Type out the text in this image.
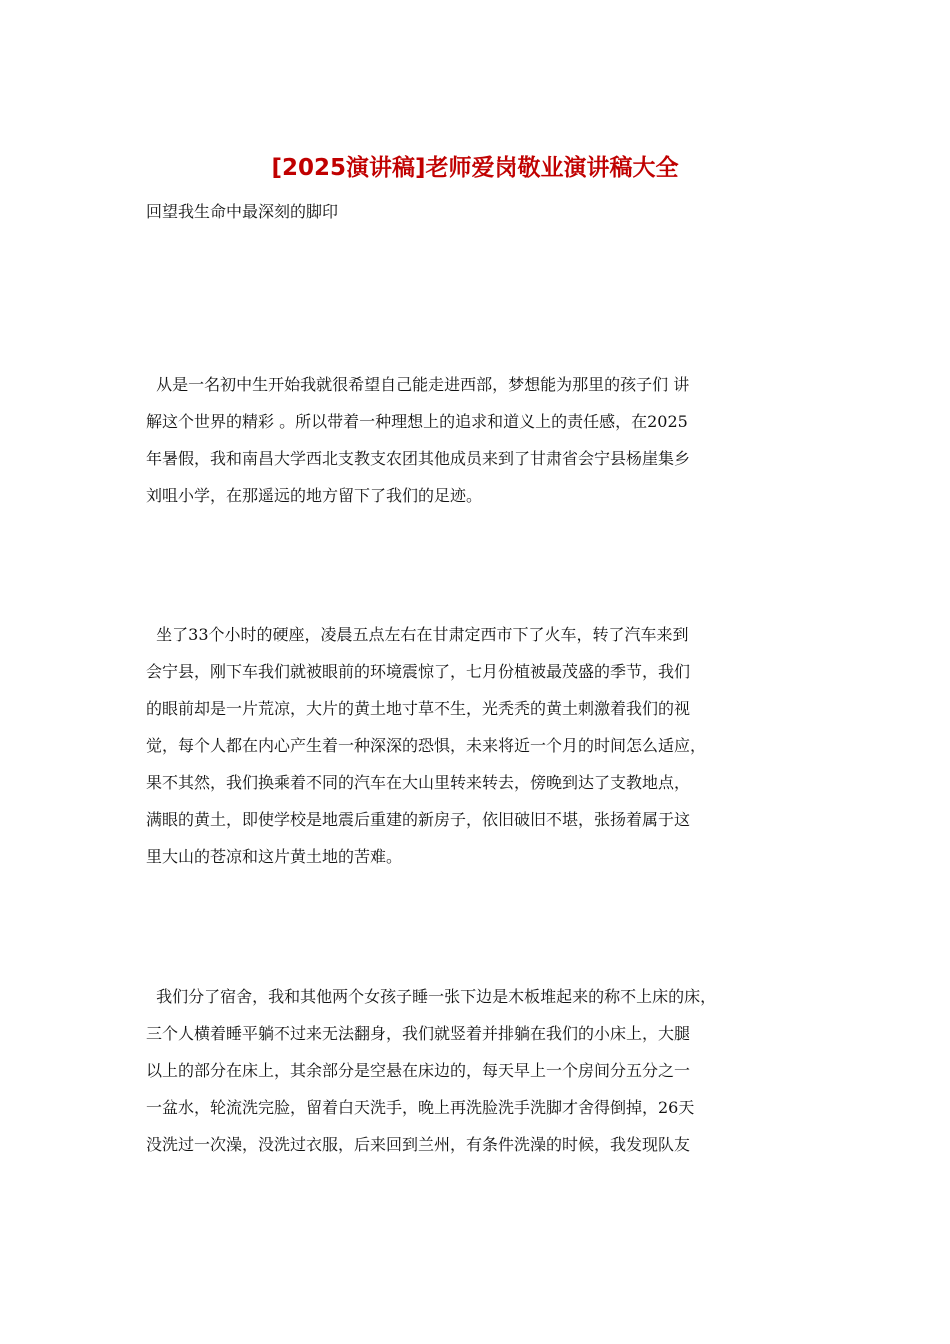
[2025演讲稿]老师爱岗敬业演讲稿大全
回望我生命中最深刻的脚印
从是一名初中生开始我就很希望自己能走进西部，梦想能为那里的孩子们 讲
解这个世界的精彩 。所以带着一种理想上的追求和道义上的责任感，在2025
年暑假，我和南昌大学西北支教支农团其他成员来到了甘肃省会宁县杨崖集乡
刘咀小学，在那遥远的地方留下了我们的足迹。
坐了33个小时的硬座，凌晨五点左右在甘肃定西市下了火车，转了汽车来到
会宁县，刚下车我们就被眼前的环境震惊了，七月份植被最茂盛的季节，我们
的眼前却是一片荒凉，大片的黄土地寸草不生，光秃秃的黄土刺激着我们的视
觉，每个人都在内心产生着一种深深的恐惧，未来将近一个月的时间怎么适应，
果不其然，我们换乘着不同的汽车在大山里转来转去，傍晚到达了支教地点，
满眼的黄土，即使学校是地震后重建的新房子，依旧破旧不堪，张扬着属于这
里大山的苍凉和这片黄土地的苦难。
我们分了宿舍，我和其他两个女孩子睡一张下边是木板堆起来的称不上床的床，
三个人横着睡平躺不过来无法翻身，我们就竖着并排躺在我们的小床上，大腿
以上的部分在床上，其余部分是空悬在床边的，每天早上一个房间分五分之一
一盆水，轮流洗完脸，留着白天洗手，晚上再洗脸洗手洗脚才舍得倒掉，26天
没洗过一次澡，没洗过衣服，后来回到兰州，有条件洗澡的时候，我发现队友
